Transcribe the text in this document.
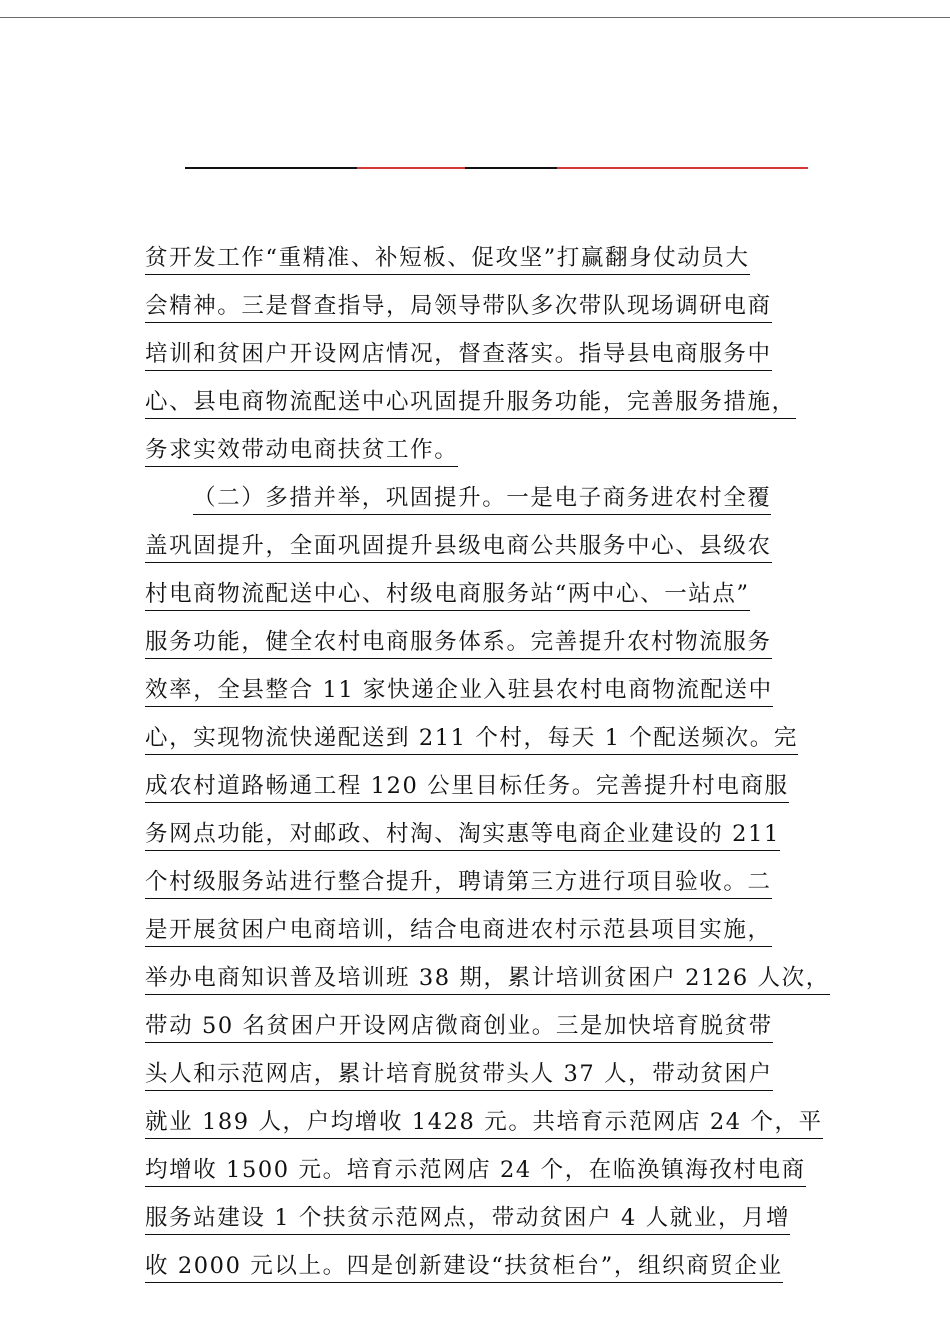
贫开发工作“重精准、补短板、促攻坚”打赢翻身仗动员大
会精神。三是督查指导，局领导带队多次带队现场调研电商
培训和贫困户开设网店情况，督查落实。指导县电商服务中
心、县电商物流配送中心巩固提升服务功能，完善服务措施，
务求实效带动电商扶贫工作。
（二）多措并举，巩固提升。一是电子商务进农村全覆
盖巩固提升，全面巩固提升县级电商公共服务中心、县级农
村电商物流配送中心、村级电商服务站“两中心、一站点”
服务功能，健全农村电商服务体系。完善提升农村物流服务
效率，全县整合 11 家快递企业入驻县农村电商物流配送中
心，实现物流快递配送到 211 个村，每天 1 个配送频次。完
成农村道路畅通工程 120 公里目标任务。完善提升村电商服
务网点功能，对邮政、村淘、淘实惠等电商企业建设的 211
个村级服务站进行整合提升，聘请第三方进行项目验收。二
是开展贫困户电商培训，结合电商进农村示范县项目实施，
举办电商知识普及培训班 38 期，累计培训贫困户 2126 人次，
带动 50 名贫困户开设网店微商创业。三是加快培育脱贫带
头人和示范网店，累计培育脱贫带头人 37 人，带动贫困户
就业 189 人，户均增收 1428 元。共培育示范网店 24 个，平
均增收 1500 元。培育示范网店 24 个，在临涣镇海孜村电商
服务站建设 1 个扶贫示范网点，带动贫困户 4 人就业，月增
收 2000 元以上。四是创新建设“扶贫柜台”，组织商贸企业
